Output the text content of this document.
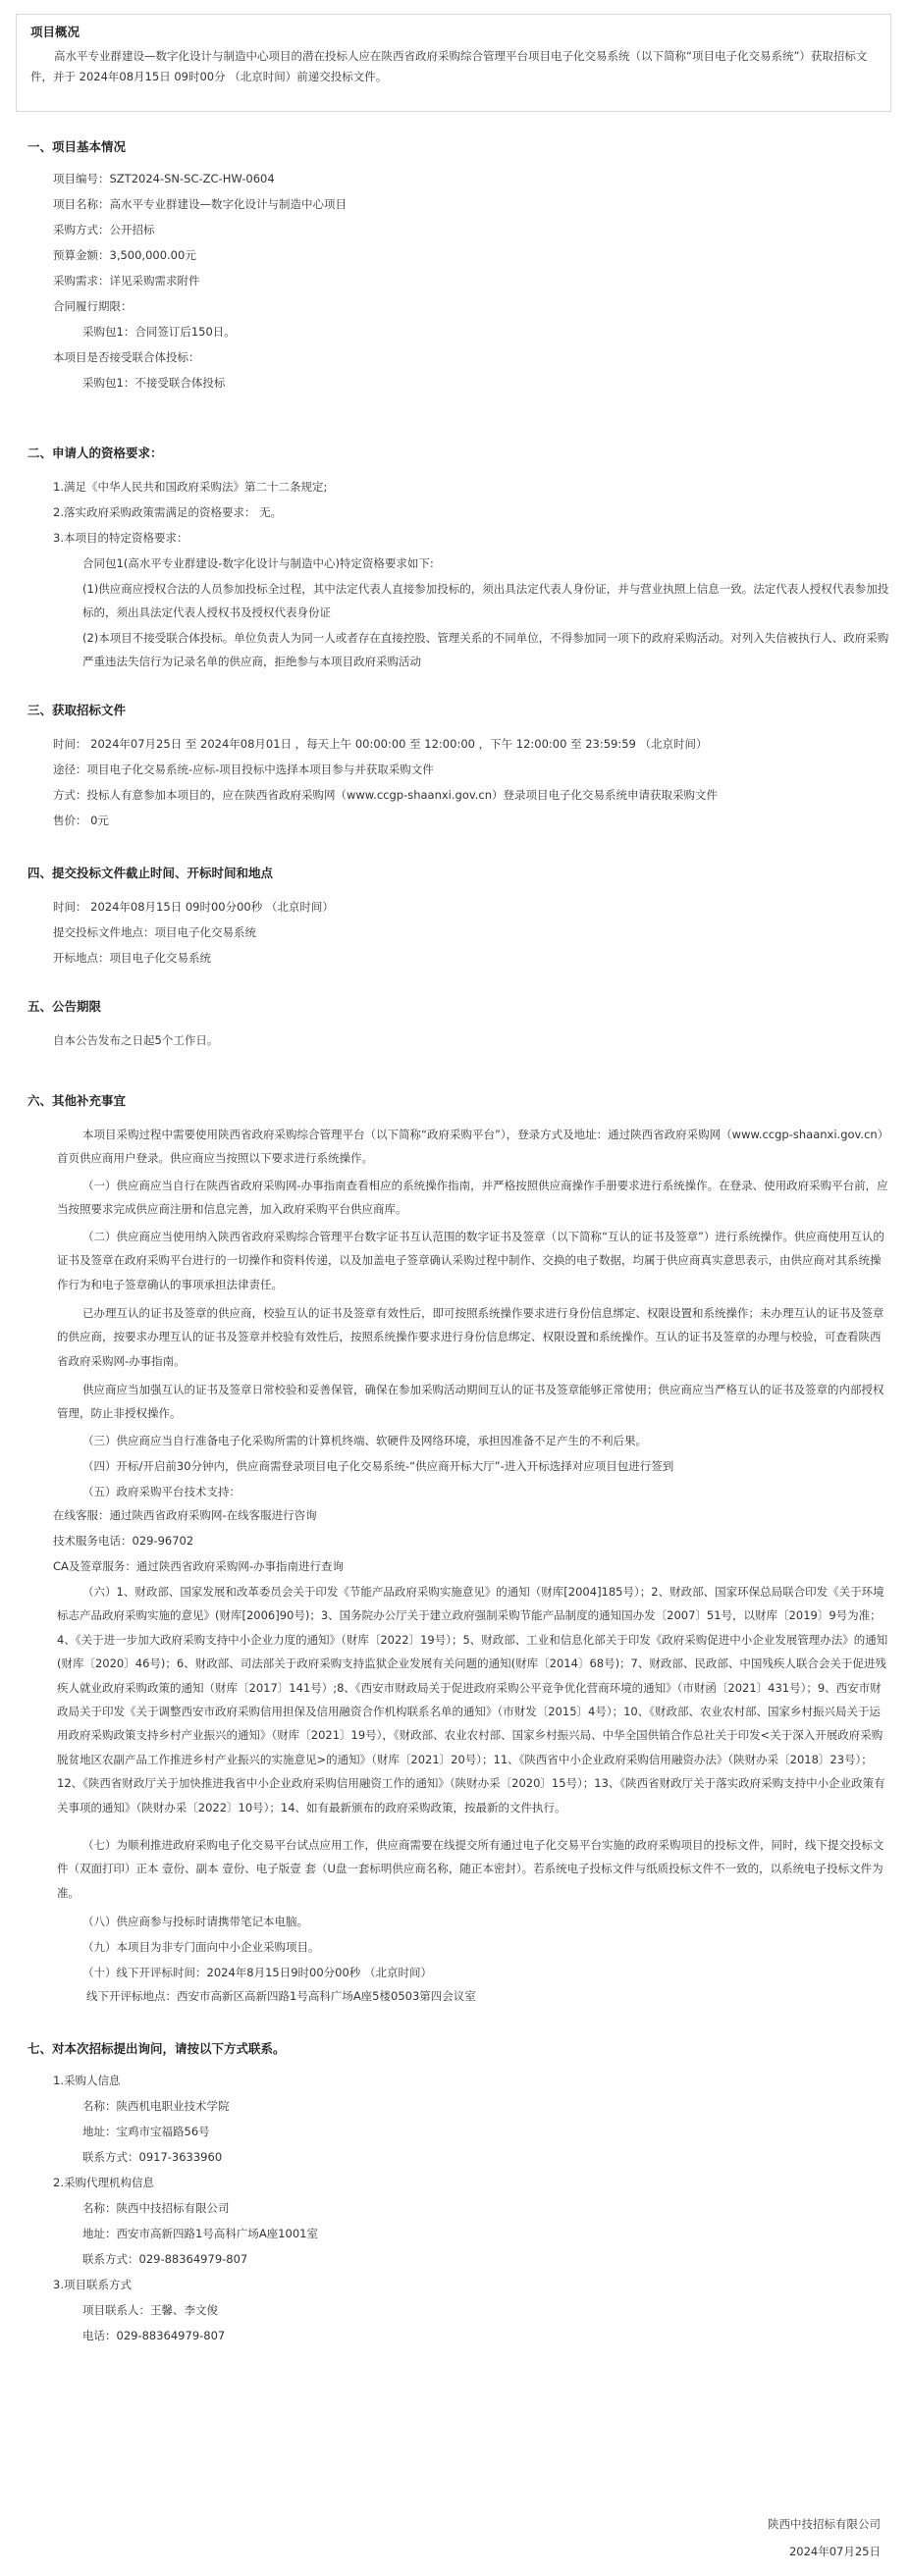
项目概况
高水平专业群建设—数字化设计与制造中心项目的潜在投标人应在陕西省政府采购综合管理平台项目电子化交易系统（以下简称“项目电子化交易系统”）获取招标文件，并于 2024年08月15日 09时00分 （北京时间）前递交投标文件。
一、项目基本情况
项目编号：SZT2024-SN-SC-ZC-HW-0604
项目名称：高水平专业群建设—数字化设计与制造中心项目
采购方式：公开招标
预算金额：3,500,000.00元
采购需求：详见采购需求附件
合同履行期限：
采购包1：合同签订后150日。
本项目是否接受联合体投标：
采购包1：不接受联合体投标
二、申请人的资格要求：
1.满足《中华人民共和国政府采购法》第二十二条规定;
2.落实政府采购政策需满足的资格要求： 无。
3.本项目的特定资格要求：
合同包1(高水平专业群建设-数字化设计与制造中心)特定资格要求如下:
(1)供应商应授权合法的人员参加投标全过程，其中法定代表人直接参加投标的，须出具法定代表人身份证，并与营业执照上信息一致。法定代表人授权代表参加投标的，须出具法定代表人授权书及授权代表身份证
(2)本项目不接受联合体投标。单位负责人为同一人或者存在直接控股、管理关系的不同单位，不得参加同一项下的政府采购活动。对列入失信被执行人、政府采购严重违法失信行为记录名单的供应商，拒绝参与本项目政府采购活动
三、获取招标文件
时间： 2024年07月25日 至 2024年08月01日 ，每天上午 00:00:00 至 12:00:00 ，下午 12:00:00 至 23:59:59 （北京时间）
途径：项目电子化交易系统-应标-项目投标中选择本项目参与并获取采购文件
方式：投标人有意参加本项目的，应在陕西省政府采购网（www.ccgp-shaanxi.gov.cn）登录项目电子化交易系统申请获取采购文件
售价： 0元
四、提交投标文件截止时间、开标时间和地点
时间： 2024年08月15日 09时00分00秒 （北京时间）
提交投标文件地点：项目电子化交易系统
开标地点：项目电子化交易系统
五、公告期限
自本公告发布之日起5个工作日。
六、其他补充事宜
本项目采购过程中需要使用陕西省政府采购综合管理平台（以下简称“政府采购平台”），登录方式及地址：通过陕西省政府采购网（www.ccgp-shaanxi.gov.cn）首页供应商用户登录。供应商应当按照以下要求进行系统操作。
（一）供应商应当自行在陕西省政府采购网-办事指南查看相应的系统操作指南，并严格按照供应商操作手册要求进行系统操作。在登录、使用政府采购平台前，应当按照要求完成供应商注册和信息完善，加入政府采购平台供应商库。
（二）供应商应当使用纳入陕西省政府采购综合管理平台数字证书互认范围的数字证书及签章（以下简称“互认的证书及签章”）进行系统操作。供应商使用互认的证书及签章在政府采购平台进行的一切操作和资料传递，以及加盖电子签章确认采购过程中制作、交换的电子数据，均属于供应商真实意思表示，由供应商对其系统操作行为和电子签章确认的事项承担法律责任。
已办理互认的证书及签章的供应商，校验互认的证书及签章有效性后，即可按照系统操作要求进行身份信息绑定、权限设置和系统操作；未办理互认的证书及签章的供应商，按要求办理互认的证书及签章并校验有效性后，按照系统操作要求进行身份信息绑定、权限设置和系统操作。互认的证书及签章的办理与校验，可查看陕西省政府采购网-办事指南。
供应商应当加强互认的证书及签章日常校验和妥善保管，确保在参加采购活动期间互认的证书及签章能够正常使用；供应商应当严格互认的证书及签章的内部授权管理，防止非授权操作。
（三）供应商应当自行准备电子化采购所需的计算机终端、软硬件及网络环境，承担因准备不足产生的不利后果。
（四）开标/开启前30分钟内，供应商需登录项目电子化交易系统-“供应商开标大厅”-进入开标选择对应项目包进行签到
（五）政府采购平台技术支持：
在线客服：通过陕西省政府采购网-在线客服进行咨询
技术服务电话：029-96702
CA及签章服务：通过陕西省政府采购网-办事指南进行查询
（六）1、财政部、国家发展和改革委员会关于印发《节能产品政府采购实施意见》的通知（财库[2004]185号）；2、财政部、国家环保总局联合印发《关于环境标志产品政府采购实施的意见》(财库[2006]90号)；3、国务院办公厅关于建立政府强制采购节能产品制度的通知国办发〔2007〕51号，以财库〔2019〕9号为准；4、《关于进一步加大政府采购支持中小企业力度的通知》（财库〔2022〕19号）；5、财政部、工业和信息化部关于印发《政府采购促进中小企业发展管理办法》的通知(财库〔2020〕46号)；6、财政部、司法部关于政府采购支持监狱企业发展有关问题的通知(财库〔2014〕68号)；7、财政部、民政部、中国残疾人联合会关于促进残疾人就业政府采购政策的通知（财库〔2017〕141号）;8、《西安市财政局关于促进政府采购公平竞争优化营商环境的通知》（市财函〔2021〕431号）；9、西安市财政局关于印发《关于调整西安市政府采购信用担保及信用融资合作机构联系名单的通知》（市财发〔2015〕4号）；10、《财政部、农业农村部、国家乡村振兴局关于运用政府采购政策支持乡村产业振兴的通知》（财库〔2021〕19号），《财政部、农业农村部、国家乡村振兴局、中华全国供销合作总社关于印发<关于深入开展政府采购脱贫地区农副产品工作推进乡村产业振兴的实施意见>的通知》（财库〔2021〕20号）；11、《陕西省中小企业政府采购信用融资办法》（陕财办采〔2018〕23号）；12、《陕西省财政厅关于加快推进我省中小企业政府采购信用融资工作的通知》（陕财办采〔2020〕15号）；13、《陕西省财政厅关于落实政府采购支持中小企业政策有关事项的通知》（陕财办采〔2022〕10号）；14、如有最新颁布的政府采购政策，按最新的文件执行。
（七）为顺利推进政府采购电子化交易平台试点应用工作，供应商需要在线提交所有通过电子化交易平台实施的政府采购项目的投标文件，同时，线下提交投标文件（双面打印）正本 壹份、副本 壹份、电子版壹 套（U盘一套标明供应商名称，随正本密封）。若系统电子投标文件与纸质投标文件不一致的，以系统电子投标文件为准。
（八）供应商参与投标时请携带笔记本电脑。
（九）本项目为非专门面向中小企业采购项目。
（十）线下开评标时间：2024年8月15日9时00分00秒 （北京时间）
线下开评标地点：西安市高新区高新四路1号高科广场A座5楼0503第四会议室
七、对本次招标提出询问，请按以下方式联系。
1.采购人信息
名称：陕西机电职业技术学院
地址：宝鸡市宝福路56号
联系方式：0917-3633960
2.采购代理机构信息
名称：陕西中技招标有限公司
地址：西安市高新四路1号高科广场A座1001室
联系方式：029-88364979-807
3.项目联系方式
项目联系人：王馨、李文俊
电话：029-88364979-807
陕西中技招标有限公司
2024年07月25日
